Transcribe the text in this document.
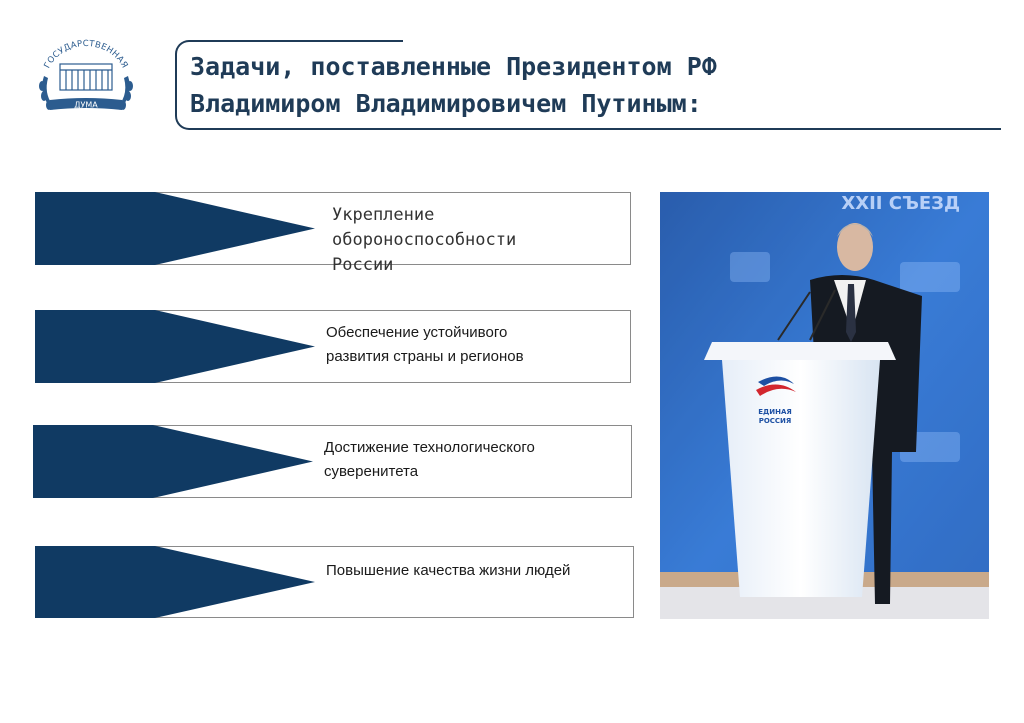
ГОСУДАРСТВЕННАЯ
ДУМА
Задачи, поставленные Президентом РФ
Владимиром Владимировичем Путиным:
Укрепление
обороноспособности
России
Обеспечение устойчивого
развития страны и регионов
Достижение технологического
суверенитета
Повышение качества жизни людей
XXII СЪЕЗД
ЕДИНАЯ
РОССИЯ
